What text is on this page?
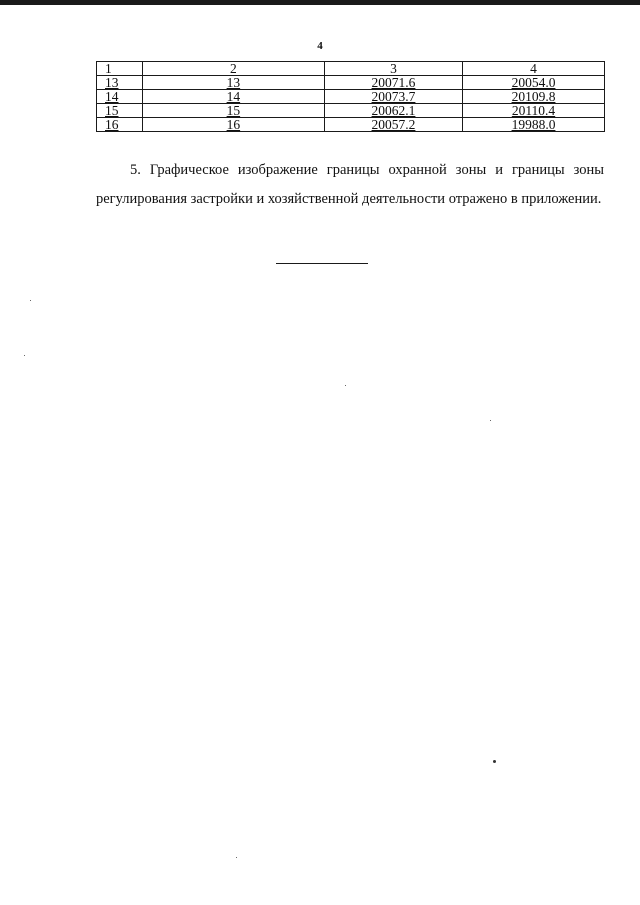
4
1	2	3	4
13	13	20071.6	20054.0
14	14	20073.7	20109.8
15	15	20062.1	20110.4
16	16	20057.2	19988.0

5. Графическое изображение границы охранной зоны и границы зоны регулирования застройки и хозяйственной деятельности отражено в приложении.
